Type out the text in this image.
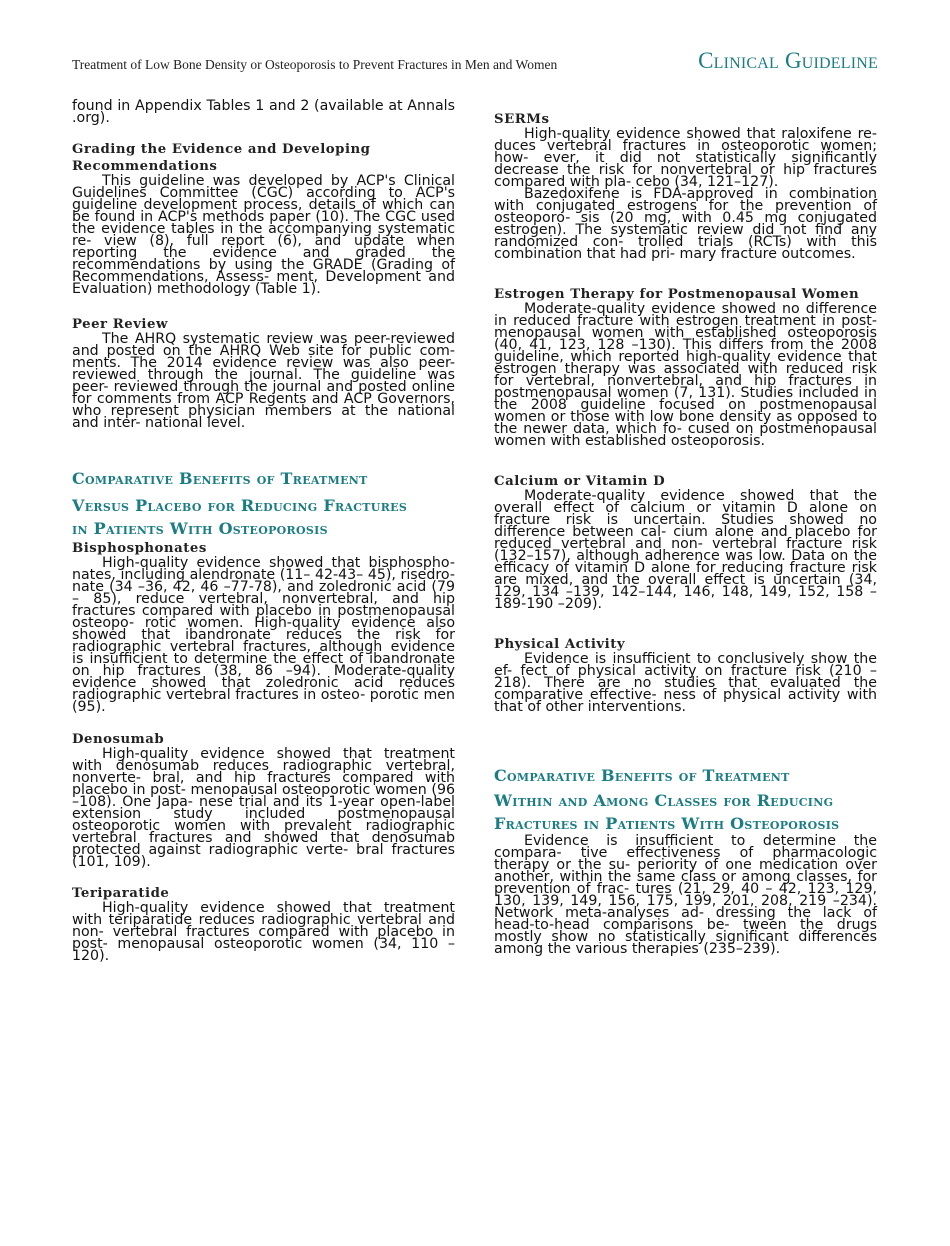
Treatment of Low Bone Density or Osteoporosis to Prevent Fractures in Men and Women	Clinical Guideline

found in Appendix Tables 1 and 2 (available at Annals .org).

Grading the Evidence and Developing Recommendations

This guideline was developed by ACP's Clinical Guidelines Committee (CGC) according to ACP's guideline development process, details of which can be found in ACP's methods paper (10). The CGC used the evidence tables in the accompanying systematic re- view (8), full report (6), and update when reporting the evidence and graded the recommendations by using the GRADE (Grading of Recommendations, Assess- ment, Development and Evaluation) methodology (Table 1).

Peer Review

The AHRQ systematic review was peer-reviewed and posted on the AHRQ Web site for public com- ments. The 2014 evidence review was also peer- reviewed through the journal. The guideline was peer- reviewed through the journal and posted online for comments from ACP Regents and ACP Governors, who represent physician members at the national and inter- national level.

Comparative Benefits of Treatment

Versus Placebo for Reducing Fractures

in Patients With Osteoporosis

Bisphosphonates

High-quality evidence showed that bisphospho- nates, including alendronate (11– 42-43– 45), risedro- nate (34 –36, 42, 46 –77-78), and zoledronic acid (79 – 85), reduce vertebral, nonvertebral, and hip fractures compared with placebo in postmenopausal osteopo- rotic women. High-quality evidence also showed that ibandronate reduces the risk for radiographic vertebral fractures, although evidence is insufficient to determine the effect of ibandronate on hip fractures (38, 86 –94). Moderate-quality evidence showed that zoledronic acid reduces radiographic vertebral fractures in osteo- porotic men (95).

Denosumab

High-quality evidence showed that treatment with denosumab reduces radiographic vertebral, nonverte- bral, and hip fractures compared with placebo in post- menopausal osteoporotic women (96 –108). One Japa- nese trial and its 1-year open-label extension study included postmenopausal osteoporotic women with prevalent radiographic vertebral fractures and showed that denosumab protected against radiographic verte- bral fractures (101, 109).

Teriparatide

High-quality evidence showed that treatment with teriparatide reduces radiographic vertebral and non- vertebral fractures compared with placebo in post- menopausal osteoporotic women (34, 110 –120).

SERMs

High-quality evidence showed that raloxifene re- duces vertebral fractures in osteoporotic women; how- ever, it did not statistically significantly decrease the risk for nonvertebral or hip fractures compared with pla- cebo (34, 121–127).

Bazedoxifene is FDA-approved in combination with conjugated estrogens for the prevention of osteoporo- sis (20 mg, with 0.45 mg conjugated estrogen). The systematic review did not find any randomized con- trolled trials (RCTs) with this combination that had pri- mary fracture outcomes.

Estrogen Therapy for Postmenopausal Women

Moderate-quality evidence showed no difference in reduced fracture with estrogen treatment in post- menopausal women with established osteoporosis (40, 41, 123, 128 –130). This differs from the 2008 guideline, which reported high-quality evidence that estrogen therapy was associated with reduced risk for vertebral, nonvertebral, and hip fractures in postmenopausal women (7, 131). Studies included in the 2008 guideline focused on postmenopausal women or those with low bone density as opposed to the newer data, which fo- cused on postmenopausal women with established osteoporosis.

Calcium or Vitamin D

Moderate-quality evidence showed that the overall effect of calcium or vitamin D alone on fracture risk is uncertain. Studies showed no difference between cal- cium alone and placebo for reduced vertebral and non- vertebral fracture risk (132–157), although adherence was low. Data on the efficacy of vitamin D alone for reducing fracture risk are mixed, and the overall effect is uncertain (34, 129, 134 –139, 142–144, 146, 148, 149, 152, 158 –189-190 –209).

Physical Activity

Evidence is insufficient to conclusively show the ef- fect of physical activity on fracture risk (210 –218). There are no studies that evaluated the comparative effective- ness of physical activity with that of other interventions.

Comparative Benefits of Treatment

Within and Among Classes for Reducing

Fractures in Patients With Osteoporosis

Evidence is insufficient to determine the compara- tive effectiveness of pharmacologic therapy or the su- periority of one medication over another, within the same class or among classes, for prevention of frac- tures (21, 29, 40 – 42, 123, 129, 130, 139, 149, 156, 175, 199, 201, 208, 219 –234). Network meta-analyses ad- dressing the lack of head-to-head comparisons be- tween the drugs mostly show no statistically significant differences among the various therapies (235–239).
